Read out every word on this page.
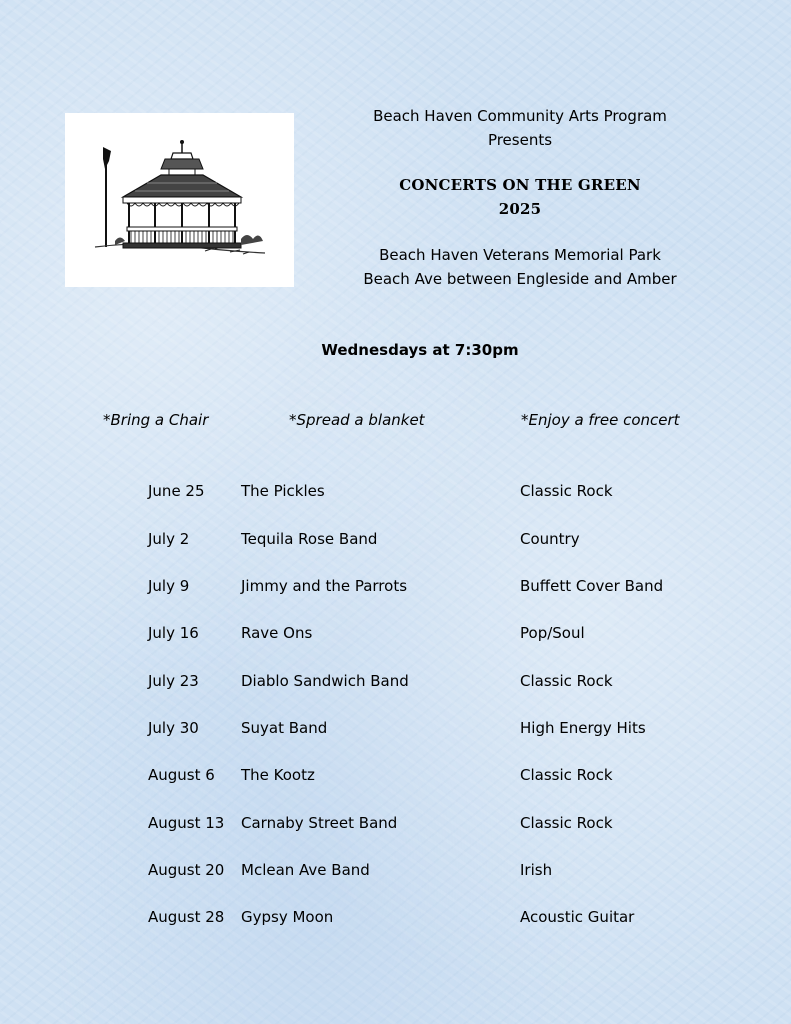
Beach Haven Community Arts Program
Presents
CONCERTS ON THE GREEN
2025
Beach Haven Veterans Memorial Park
Beach Ave between Engleside and Amber
Wednesdays at 7:30pm
*Bring a Chair	*Spread a blanket	*Enjoy a free concert
June 25 The Pickles	Classic Rock
July 2	Tequila Rose Band	Country
July 9	Jimmy and the Parrots	Buffett Cover Band
July 16	Rave Ons	Pop/Soul
July 23	Diablo Sandwich Band	Classic Rock
July 30	Suyat Band	High Energy Hits
August 6 The Kootz	Classic Rock
August 13 Carnaby Street Band	Classic Rock
August 20 Mclean Ave Band	Irish
August 28 Gypsy Moon	Acoustic Guitar
